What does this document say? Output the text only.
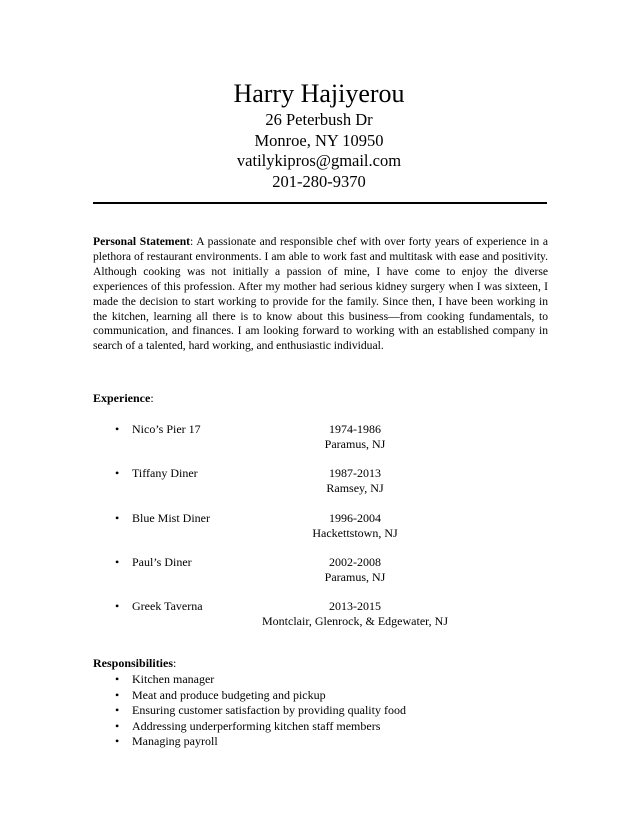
Harry Hajiyerou
26 Peterbush Dr
Monroe, NY 10950
vatilykipros@gmail.com
201-280-9370
Personal Statement: A passionate and responsible chef with over forty years of experience in a plethora of restaurant environments. I am able to work fast and multitask with ease and positivity. Although cooking was not initially a passion of mine, I have come to enjoy the diverse experiences of this profession. After my mother had serious kidney surgery when I was sixteen, I made the decision to start working to provide for the family. Since then, I have been working in the kitchen, learning all there is to know about this business—from cooking fundamentals, to communication, and finances. I am looking forward to working with an established company in search of a talented, hard working, and enthusiastic individual.
Experience:
• Nico’s Pier 17	1974-1986
Paramus, NJ
• Tiffany Diner	1987-2013
Ramsey, NJ
• Blue Mist Diner	1996-2004
Hackettstown, NJ
• Paul’s Diner	2002-2008
Paramus, NJ
• Greek Taverna	2013-2015
Montclair, Glenrock, & Edgewater, NJ
Responsibilities:
• Kitchen manager
• Meat and produce budgeting and pickup
• Ensuring customer satisfaction by providing quality food
• Addressing underperforming kitchen staff members
• Managing payroll
